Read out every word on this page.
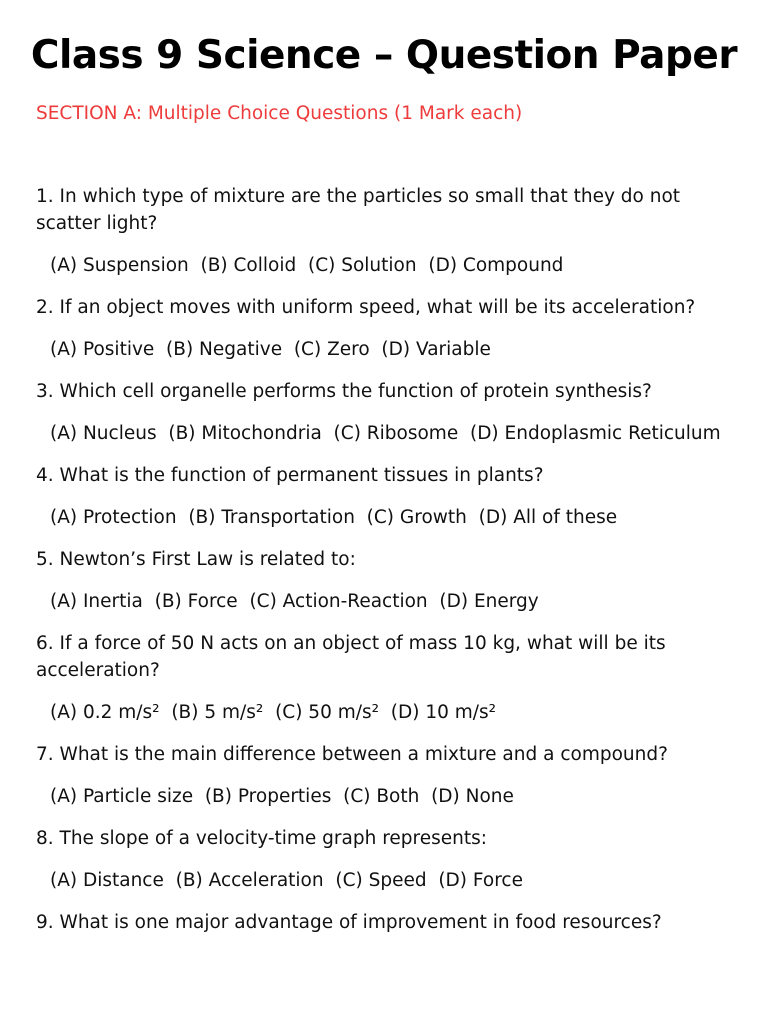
Class 9 Science – Question Paper
SECTION A: Multiple Choice Questions (1 Mark each)

1. In which type of mixture are the particles so small that they do not scatter light?

(A) Suspension  (B) Colloid  (C) Solution  (D) Compound

2. If an object moves with uniform speed, what will be its acceleration?

(A) Positive  (B) Negative  (C) Zero  (D) Variable

3. Which cell organelle performs the function of protein synthesis?

(A) Nucleus  (B) Mitochondria  (C) Ribosome  (D) Endoplasmic Reticulum

4. What is the function of permanent tissues in plants?

(A) Protection  (B) Transportation  (C) Growth  (D) All of these

5. Newton’s First Law is related to:

(A) Inertia  (B) Force  (C) Action-Reaction  (D) Energy

6. If a force of 50 N acts on an object of mass 10 kg, what will be its acceleration?

(A) 0.2 m/s²  (B) 5 m/s²  (C) 50 m/s²  (D) 10 m/s²

7. What is the main difference between a mixture and a compound?

(A) Particle size  (B) Properties  (C) Both  (D) None

8. The slope of a velocity-time graph represents:

(A) Distance  (B) Acceleration  (C) Speed  (D) Force

9. What is one major advantage of improvement in food resources?
